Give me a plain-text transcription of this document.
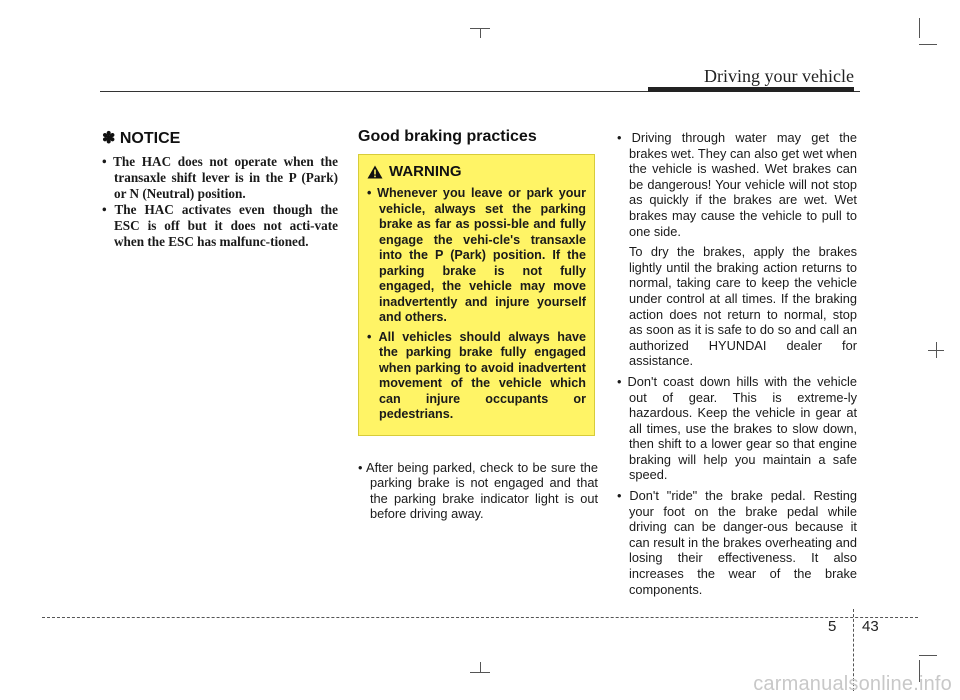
Driving your vehicle
✽ NOTICE
• The HAC does not operate when the transaxle shift lever is in the P (Park) or N (Neutral) position.
• The HAC activates even though the ESC is off but it does not acti-vate when the ESC has malfunc-tioned.
Good braking practices
WARNING
• Whenever you leave or park your vehicle, always set the parking brake as far as possi-ble and fully engage the vehi-cle's transaxle into the P (Park) position. If the parking brake is not fully engaged, the vehicle may move inadvertently and injure yourself and others.
• All vehicles should always have the parking brake fully engaged when parking to avoid inadvertent movement of the vehicle which can injure occupants or pedestrians.
• After being parked, check to be sure the parking brake is not engaged and that the parking brake indicator light is out before driving away.
• Driving through water may get the brakes wet. They can also get wet when the vehicle is washed. Wet brakes can be dangerous! Your vehicle will not stop as quickly if the brakes are wet. Wet brakes may cause the vehicle to pull to one side.

To dry the brakes, apply the brakes lightly until the braking action returns to normal, taking care to keep the vehicle under control at all times. If the braking action does not return to normal, stop as soon as it is safe to do so and call an authorized HYUNDAI dealer for assistance.

• Don't coast down hills with the vehicle out of gear. This is extreme-ly hazardous. Keep the vehicle in gear at all times, use the brakes to slow down, then shift to a lower gear so that engine braking will help you maintain a safe speed.
• Don't "ride" the brake pedal. Resting your foot on the brake pedal while driving can be danger-ous because it can result in the brakes overheating and losing their effectiveness. It also increases the wear of the brake components.
5 43
carmanualsonline.info
